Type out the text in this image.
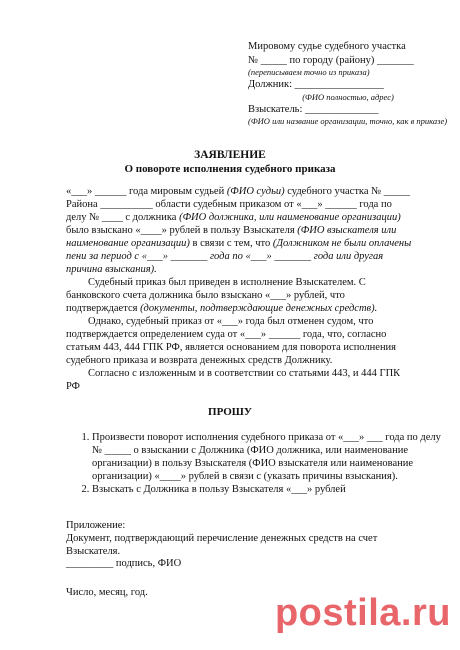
Мировому судье судебного участка
№ _____ по городу (району) _______
(переписываем точно из приказа)
Должник: _________________
(ФИО полностью, адрес)
Взыскатель: ______________
(ФИО или название организации, точно, как в приказе)
ЗАЯВЛЕНИЕ
О повороте исполнения судебного приказа

«___» ______ года мировым судьей (ФИО судьи) судебного участка № _____ Района __________ области судебным приказом от «___» ______ года по делу № ____ с должника (ФИО должника, или наименование организации) было взыскано «____» рублей в пользу Взыскателя (ФИО взыскателя или наименование организации) в связи с тем, что (Должником не были оплачены пени за период с «___» _______ года по «___» _______ года или другая причина взыскания).

Судебный приказ был приведен в исполнение Взыскателем. С банковского счета должника было взыскано «___» рублей, что подтверждается (документы, подтверждающие денежных средств).

Однако, судебный приказ от «___» года был отменен судом, что подтверждается определением суда от «___» ______ года, что, согласно статьям 443, 444 ГПК РФ, является основанием для поворота исполнения судебного приказа и возврата денежных средств Должнику.

Согласно с изложенным и в соответствии со статьями 443, и 444 ГПК РФ

ПРОШУ
1. Произвести поворот исполнения судебного приказа от «___» ___ года по делу № _____ о взыскании с Должника (ФИО должника, или наименование организации) в пользу Взыскателя (ФИО взыскателя или наименование организации) «____» рублей в связи с (указать причины взыскания).
2. Взыскать с Должника в пользу Взыскателя «___» рублей
Приложение:
Документ, подтверждающий перечисление денежных средств на счет Взыскателя.
_________ подпись, ФИО
Число, месяц, год.	postila.ru
